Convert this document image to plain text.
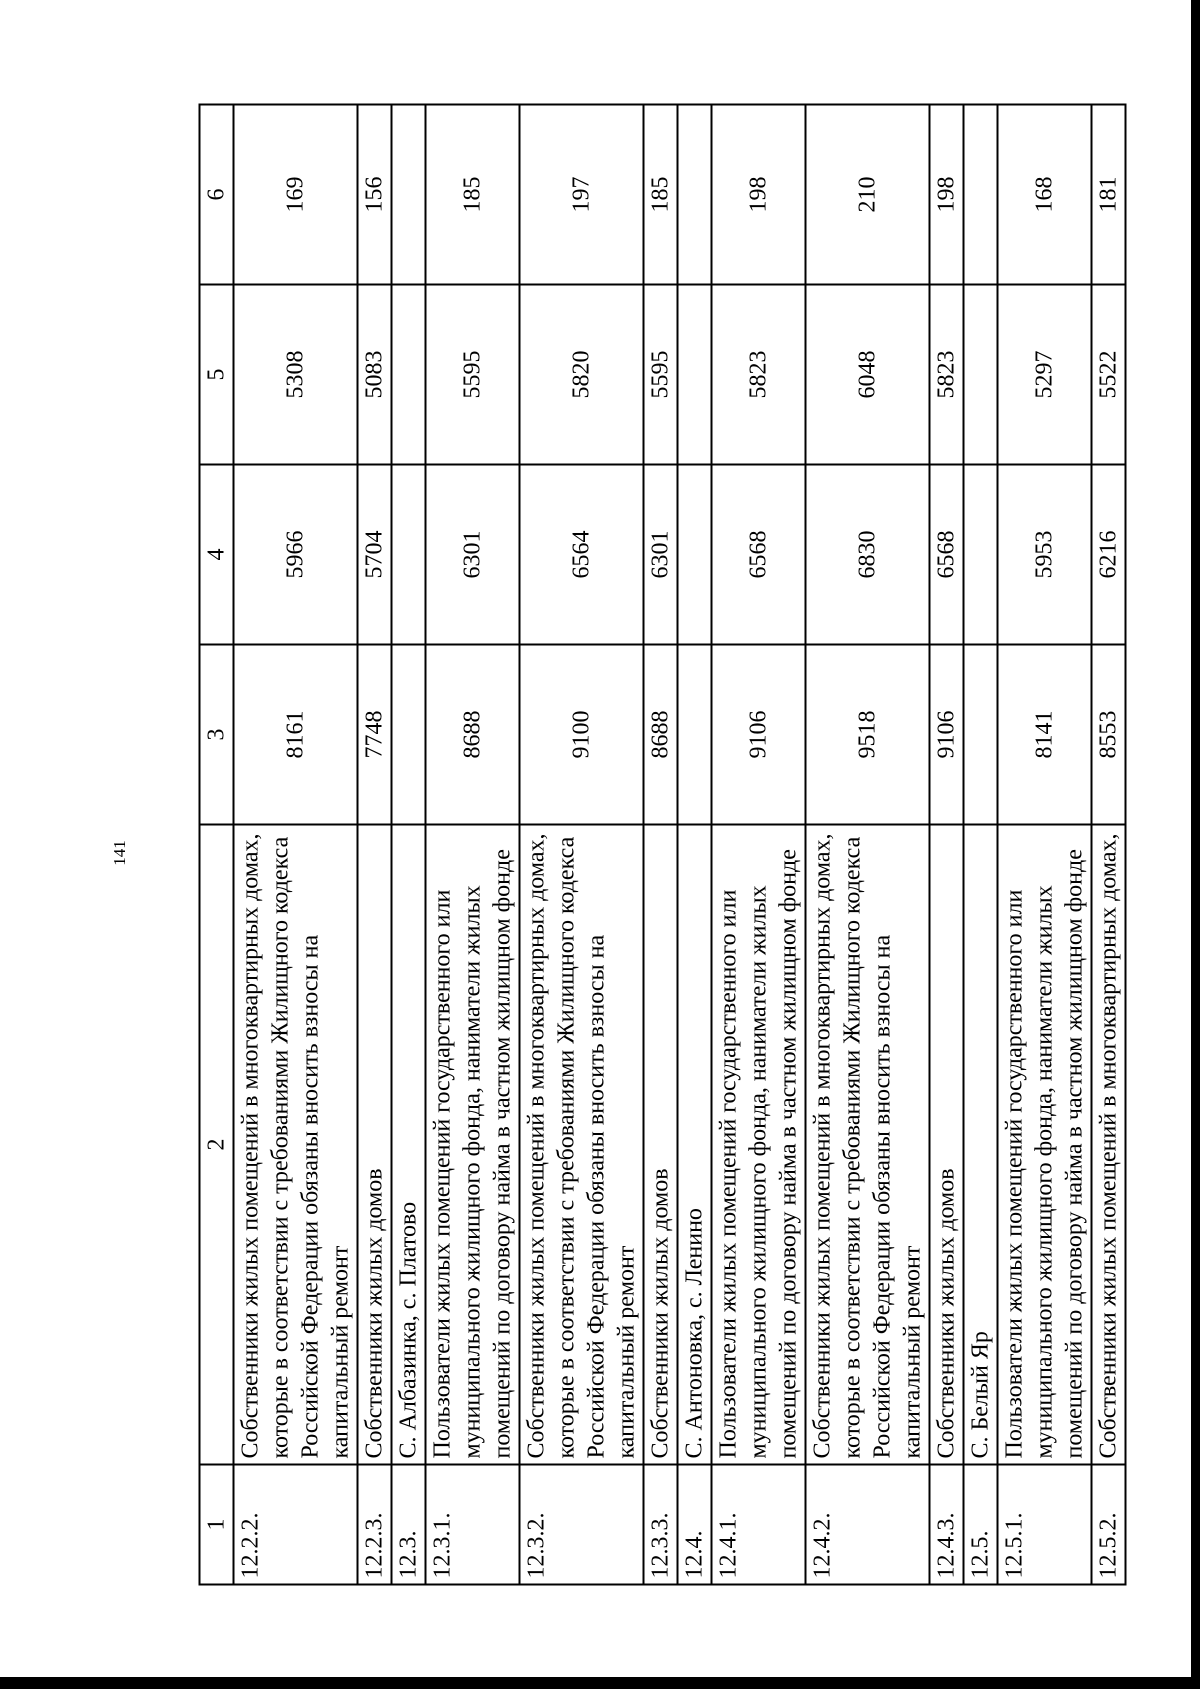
141
1	2	3	4	5	6
12.2.2.	Собственники жилых помещений в многоквартирных домах, которые в соответствии с требованиями Жилищного кодекса Российской Федерации обязаны вносить взносы на капитальный ремонт	8161	5966	5308	169
12.2.3.	Собственники жилых домов	7748	5704	5083	156
12.3.	С. Албазинка, с. Платово				
12.3.1.	Пользователи жилых помещений государственного или муниципального жилищного фонда, наниматели жилых помещений по договору найма в частном жилищном фонде	8688	6301	5595	185
12.3.2.	Собственники жилых помещений в многоквартирных домах, которые в соответствии с требованиями Жилищного кодекса Российской Федерации обязаны вносить взносы на капитальный ремонт	9100	6564	5820	197
12.3.3.	Собственники жилых домов	8688	6301	5595	185
12.4.	С. Антоновка, с. Ленино				
12.4.1.	Пользователи жилых помещений государственного или муниципального жилищного фонда, наниматели жилых помещений по договору найма в частном жилищном фонде	9106	6568	5823	198
12.4.2.	Собственники жилых помещений в многоквартирных домах, которые в соответствии с требованиями Жилищного кодекса Российской Федерации обязаны вносить взносы на капитальный ремонт	9518	6830	6048	210
12.4.3.	Собственники жилых домов	9106	6568	5823	198
12.5.	С. Белый Яр				
12.5.1.	Пользователи жилых помещений государственного или муниципального жилищного фонда, наниматели жилых помещений по договору найма в частном жилищном фонде	8141	5953	5297	168
12.5.2.	Собственники жилых помещений в многоквартирных домах,	8553	6216	5522	181
